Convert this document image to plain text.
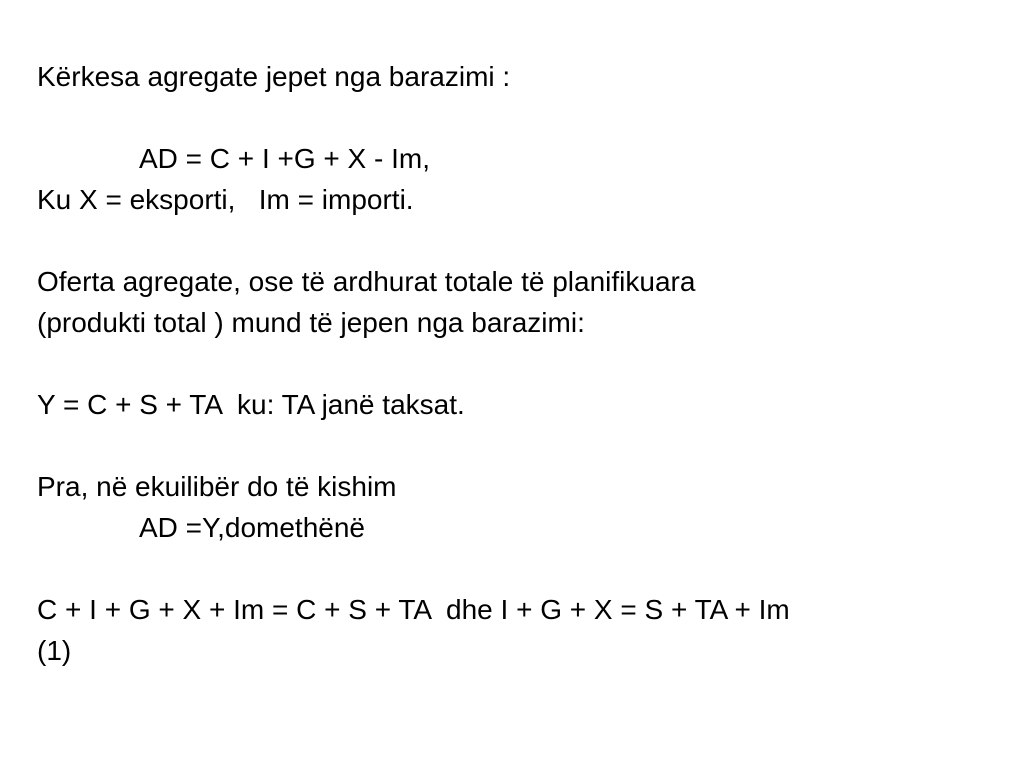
Kërkesa agregate jepet nga barazimi :
AD = C + I +G + X - Im,
Ku X = eksporti,   Im = importi.
Oferta agregate, ose të ardhurat totale të planifikuara
(produkti total ) mund të jepen nga barazimi:
Y = C + S + TA  ku: TA janë taksat.
Pra, në ekuilibër do të kishim
AD =Y,domethënë
C + I + G + X + Im = C + S + TA  dhe I + G + X = S + TA + Im
(1)
